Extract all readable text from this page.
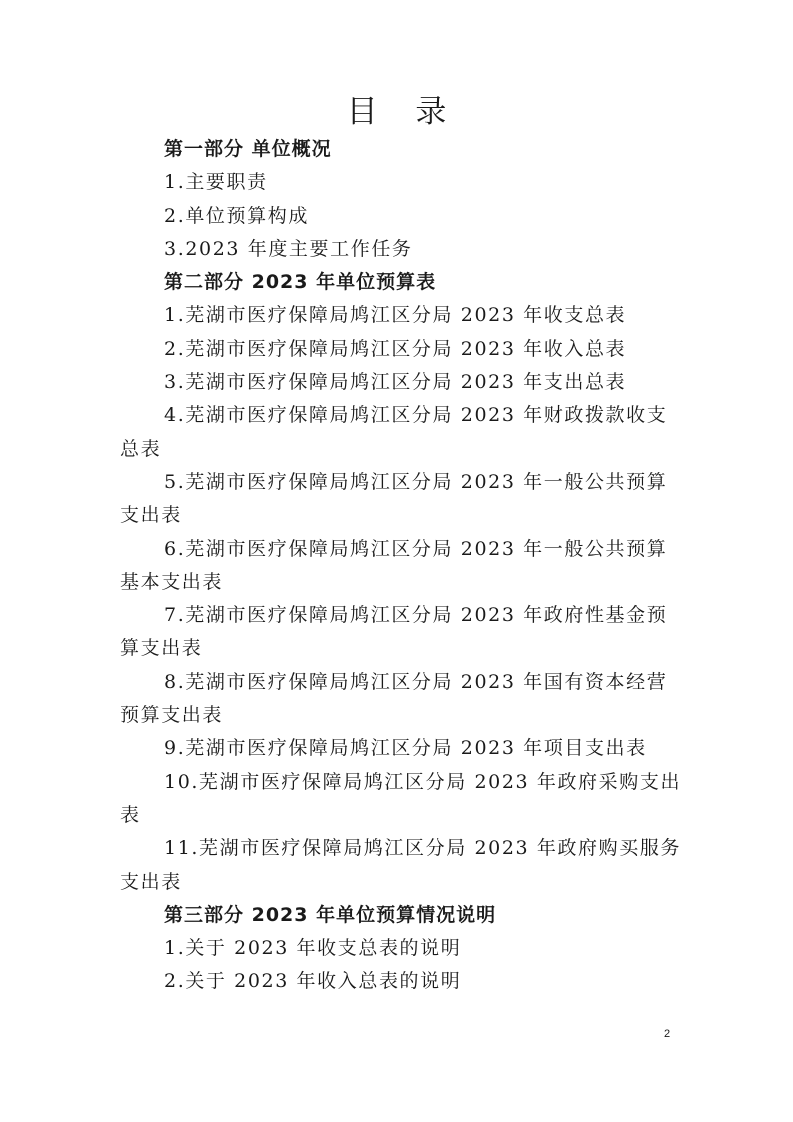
目 录
第一部分 单位概况
1.主要职责
2.单位预算构成
3.2023 年度主要工作任务
第二部分 2023 年单位预算表
1.芜湖市医疗保障局鸠江区分局 2023 年收支总表
2.芜湖市医疗保障局鸠江区分局 2023 年收入总表
3.芜湖市医疗保障局鸠江区分局 2023 年支出总表
4.芜湖市医疗保障局鸠江区分局 2023 年财政拨款收支
总表
5.芜湖市医疗保障局鸠江区分局 2023 年一般公共预算
支出表
6.芜湖市医疗保障局鸠江区分局 2023 年一般公共预算
基本支出表
7.芜湖市医疗保障局鸠江区分局 2023 年政府性基金预
算支出表
8.芜湖市医疗保障局鸠江区分局 2023 年国有资本经营
预算支出表
9.芜湖市医疗保障局鸠江区分局 2023 年项目支出表
10.芜湖市医疗保障局鸠江区分局 2023 年政府采购支出
表
11.芜湖市医疗保障局鸠江区分局 2023 年政府购买服务
支出表
第三部分 2023 年单位预算情况说明
1.关于 2023 年收支总表的说明
2.关于 2023 年收入总表的说明
2
